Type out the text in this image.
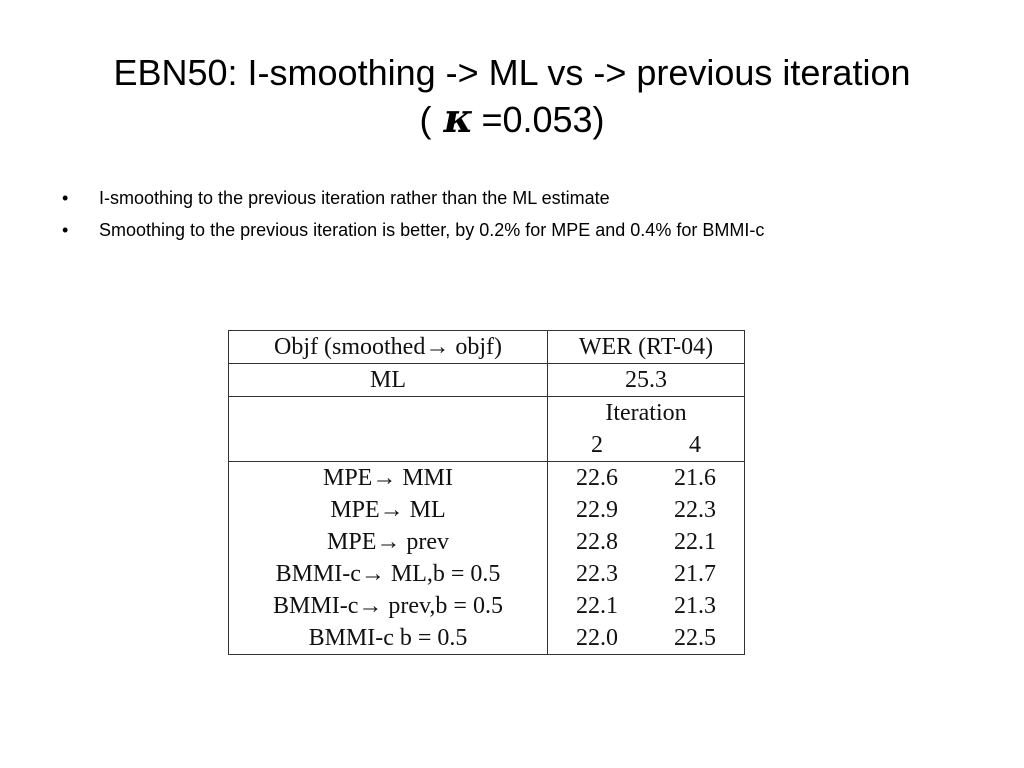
EBN50: I-smoothing -> ML vs -> previous iteration
( κ =0.053)
• I-smoothing to the previous iteration rather than the ML estimate
• Smoothing to the previous iteration is better, by 0.2% for MPE and 0.4% for BMMI-c
Objf (smoothed→ objf)	WER (RT-04)	
ML	25.3	
	Iteration	
	2	4
MPE→ MMI	22.6	21.6
MPE→ ML	22.9	22.3
MPE→ prev	22.8	22.1
BMMI-c→ ML,b = 0.5	22.3	21.7
BMMI-c→ prev,b = 0.5	22.1	21.3
BMMI-c b = 0.5	22.0	22.5
